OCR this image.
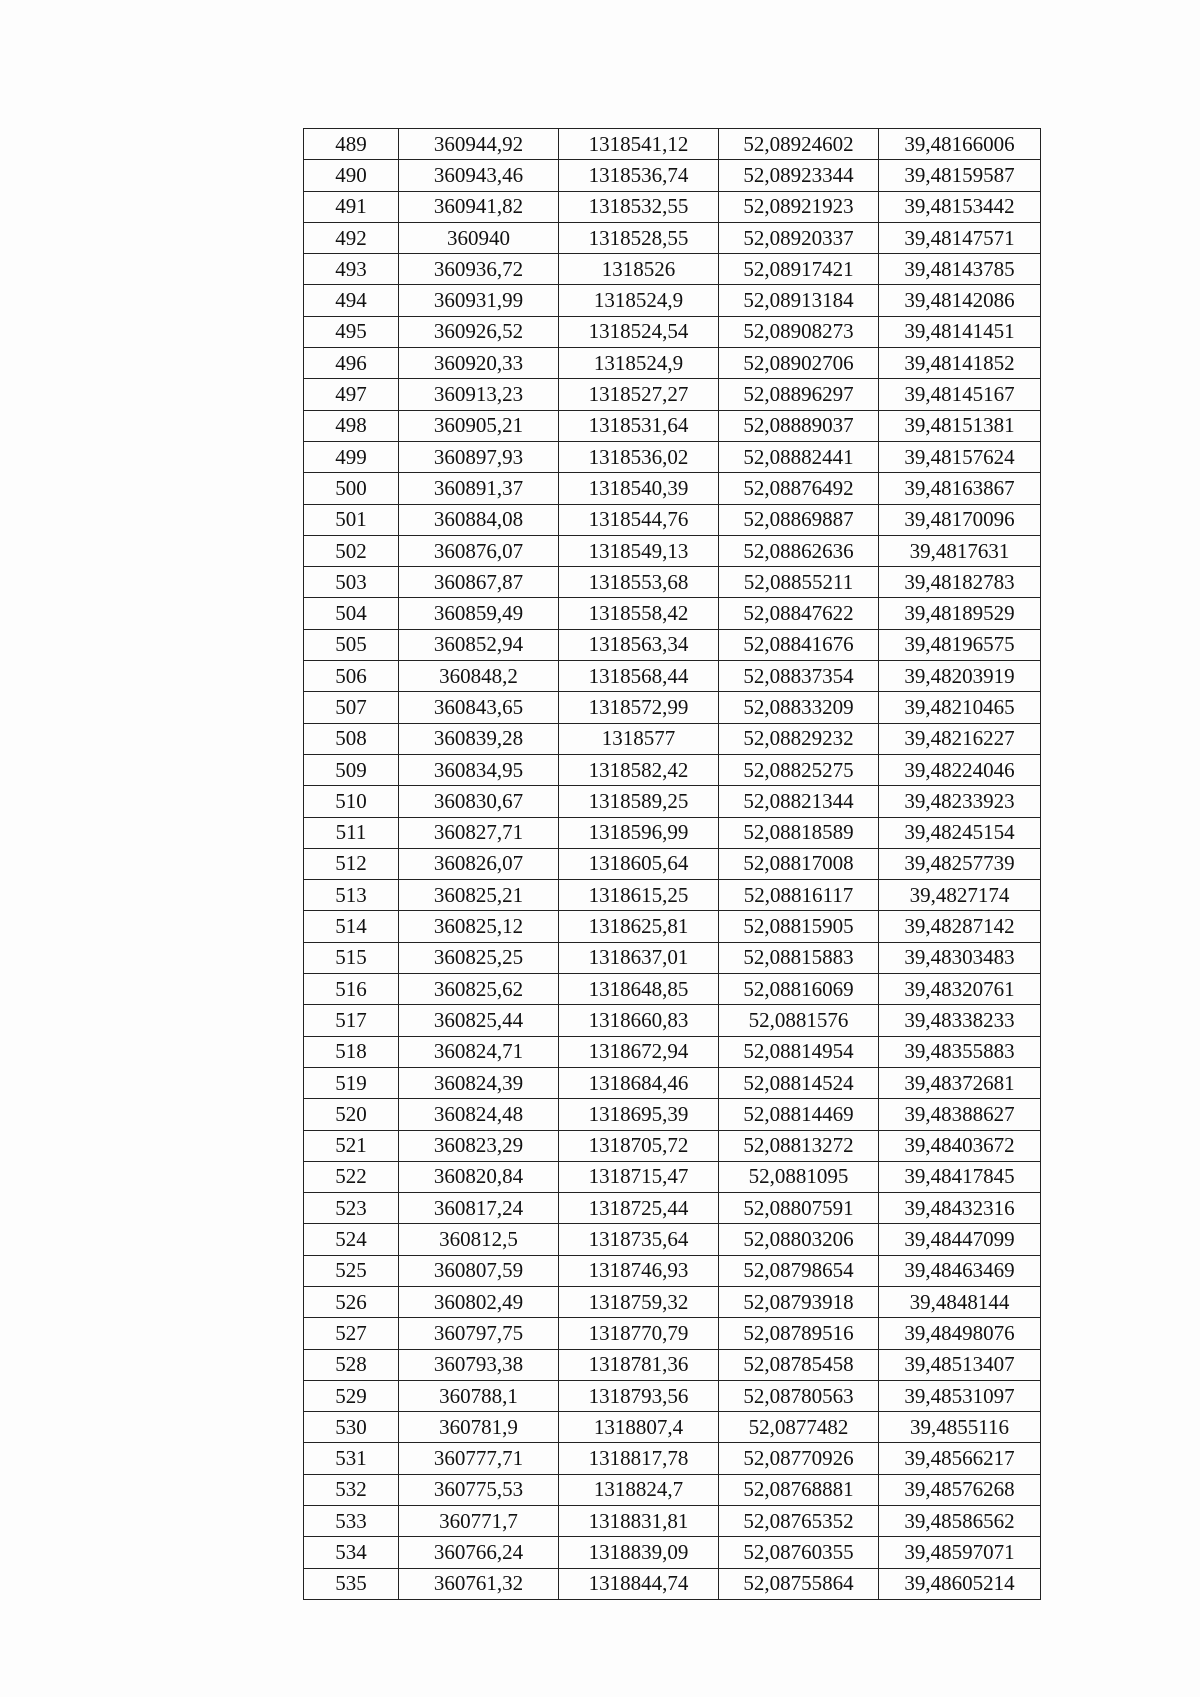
489	360944,92	1318541,12	52,08924602	39,48166006
490	360943,46	1318536,74	52,08923344	39,48159587
491	360941,82	1318532,55	52,08921923	39,48153442
492	360940	1318528,55	52,08920337	39,48147571
493	360936,72	1318526	52,08917421	39,48143785
494	360931,99	1318524,9	52,08913184	39,48142086
495	360926,52	1318524,54	52,08908273	39,48141451
496	360920,33	1318524,9	52,08902706	39,48141852
497	360913,23	1318527,27	52,08896297	39,48145167
498	360905,21	1318531,64	52,08889037	39,48151381
499	360897,93	1318536,02	52,08882441	39,48157624
500	360891,37	1318540,39	52,08876492	39,48163867
501	360884,08	1318544,76	52,08869887	39,48170096
502	360876,07	1318549,13	52,08862636	39,4817631
503	360867,87	1318553,68	52,08855211	39,48182783
504	360859,49	1318558,42	52,08847622	39,48189529
505	360852,94	1318563,34	52,08841676	39,48196575
506	360848,2	1318568,44	52,08837354	39,48203919
507	360843,65	1318572,99	52,08833209	39,48210465
508	360839,28	1318577	52,08829232	39,48216227
509	360834,95	1318582,42	52,08825275	39,48224046
510	360830,67	1318589,25	52,08821344	39,48233923
511	360827,71	1318596,99	52,08818589	39,48245154
512	360826,07	1318605,64	52,08817008	39,48257739
513	360825,21	1318615,25	52,08816117	39,4827174
514	360825,12	1318625,81	52,08815905	39,48287142
515	360825,25	1318637,01	52,08815883	39,48303483
516	360825,62	1318648,85	52,08816069	39,48320761
517	360825,44	1318660,83	52,0881576	39,48338233
518	360824,71	1318672,94	52,08814954	39,48355883
519	360824,39	1318684,46	52,08814524	39,48372681
520	360824,48	1318695,39	52,08814469	39,48388627
521	360823,29	1318705,72	52,08813272	39,48403672
522	360820,84	1318715,47	52,0881095	39,48417845
523	360817,24	1318725,44	52,08807591	39,48432316
524	360812,5	1318735,64	52,08803206	39,48447099
525	360807,59	1318746,93	52,08798654	39,48463469
526	360802,49	1318759,32	52,08793918	39,4848144
527	360797,75	1318770,79	52,08789516	39,48498076
528	360793,38	1318781,36	52,08785458	39,48513407
529	360788,1	1318793,56	52,08780563	39,48531097
530	360781,9	1318807,4	52,0877482	39,4855116
531	360777,71	1318817,78	52,08770926	39,48566217
532	360775,53	1318824,7	52,08768881	39,48576268
533	360771,7	1318831,81	52,08765352	39,48586562
534	360766,24	1318839,09	52,08760355	39,48597071
535	360761,32	1318844,74	52,08755864	39,48605214
